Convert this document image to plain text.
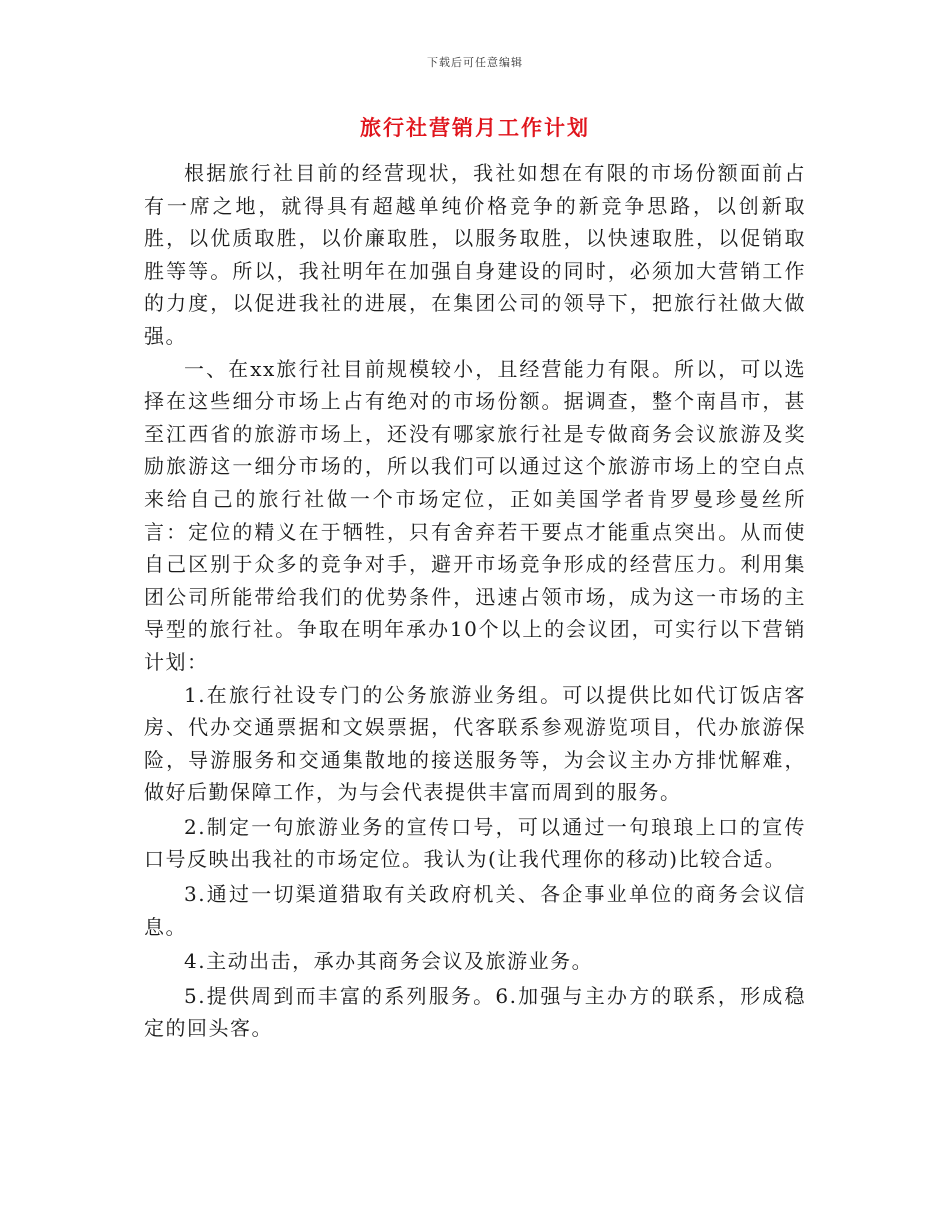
下载后可任意编辑
旅行社营销月工作计划

根据旅行社目前的经营现状，我社如想在有限的市场份额面前占有一席之地，就得具有超越单纯价格竞争的新竞争思路，以创新取胜，以优质取胜，以价廉取胜，以服务取胜，以快速取胜，以促销取胜等等。所以，我社明年在加强自身建设的同时，必须加大营销工作的力度，以促进我社的进展，在集团公司的领导下，把旅行社做大做强。

一、在xx旅行社目前规模较小，且经营能力有限。所以，可以选择在这些细分市场上占有绝对的市场份额。据调查，整个南昌市，甚至江西省的旅游市场上，还没有哪家旅行社是专做商务会议旅游及奖励旅游这一细分市场的，所以我们可以通过这个旅游市场上的空白点来给自己的旅行社做一个市场定位，正如美国学者肯罗曼珍曼丝所言：定位的精义在于牺牲，只有舍弃若干要点才能重点突出。从而使自己区别于众多的竞争对手，避开市场竞争形成的经营压力。利用集团公司所能带给我们的优势条件，迅速占领市场，成为这一市场的主导型的旅行社。争取在明年承办10个以上的会议团，可实行以下营销计划：

1.在旅行社设专门的公务旅游业务组。可以提供比如代订饭店客房、代办交通票据和文娱票据，代客联系参观游览项目，代办旅游保险，导游服务和交通集散地的接送服务等，为会议主办方排忧解难，做好后勤保障工作，为与会代表提供丰富而周到的服务。

2.制定一句旅游业务的宣传口号，可以通过一句琅琅上口的宣传口号反映出我社的市场定位。我认为(让我代理你的移动)比较合适。

3.通过一切渠道猎取有关政府机关、各企事业单位的商务会议信息。

4.主动出击，承办其商务会议及旅游业务。

5.提供周到而丰富的系列服务。6.加强与主办方的联系，形成稳定的回头客。
